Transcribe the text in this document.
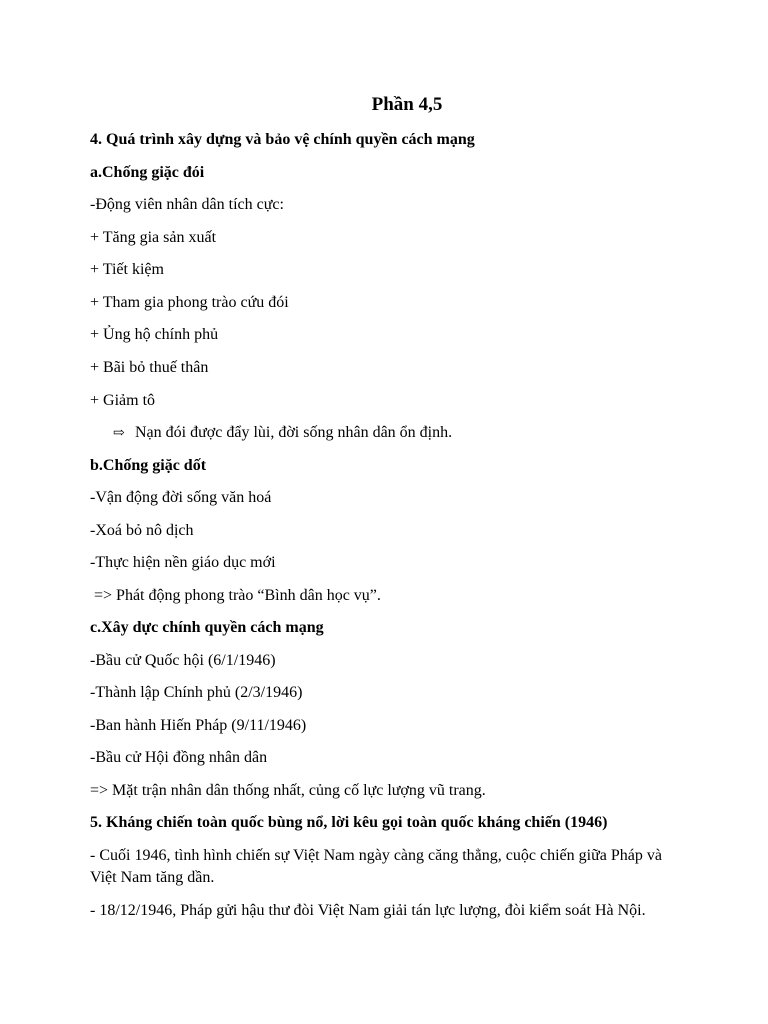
Phần 4,5
4. Quá trình xây dựng và bảo vệ chính quyền cách mạng
a.Chống giặc đói
-Động viên nhân dân tích cực:
+ Tăng gia sản xuất
+ Tiết kiệm
+ Tham gia phong trào cứu đói
+ Ủng hộ chính phủ
+ Bãi bỏ thuế thân
+ Giảm tô
⇨ Nạn đói được đẩy lùi, đời sống nhân dân ổn định.
b.Chống giặc dốt
-Vận động đời sống văn hoá
-Xoá bỏ nô dịch
-Thực hiện nền giáo dục mới
=> Phát động phong trào “Bình dân học vụ”.
c.Xây dực chính quyền cách mạng
-Bầu cử Quốc hội (6/1/1946)
-Thành lập Chính phủ (2/3/1946)
-Ban hành Hiến Pháp (9/11/1946)
-Bầu cử Hội đồng nhân dân
=> Mặt trận nhân dân thống nhất, củng cố lực lượng vũ trang.
5. Kháng chiến toàn quốc bùng nổ, lời kêu gọi toàn quốc kháng chiến (1946)
- Cuối 1946, tình hình chiến sự Việt Nam ngày càng căng thẳng, cuộc chiến giữa Pháp và Việt Nam tăng dần.
- 18/12/1946, Pháp gửi hậu thư đòi Việt Nam giải tán lực lượng, đòi kiểm soát Hà Nội.
